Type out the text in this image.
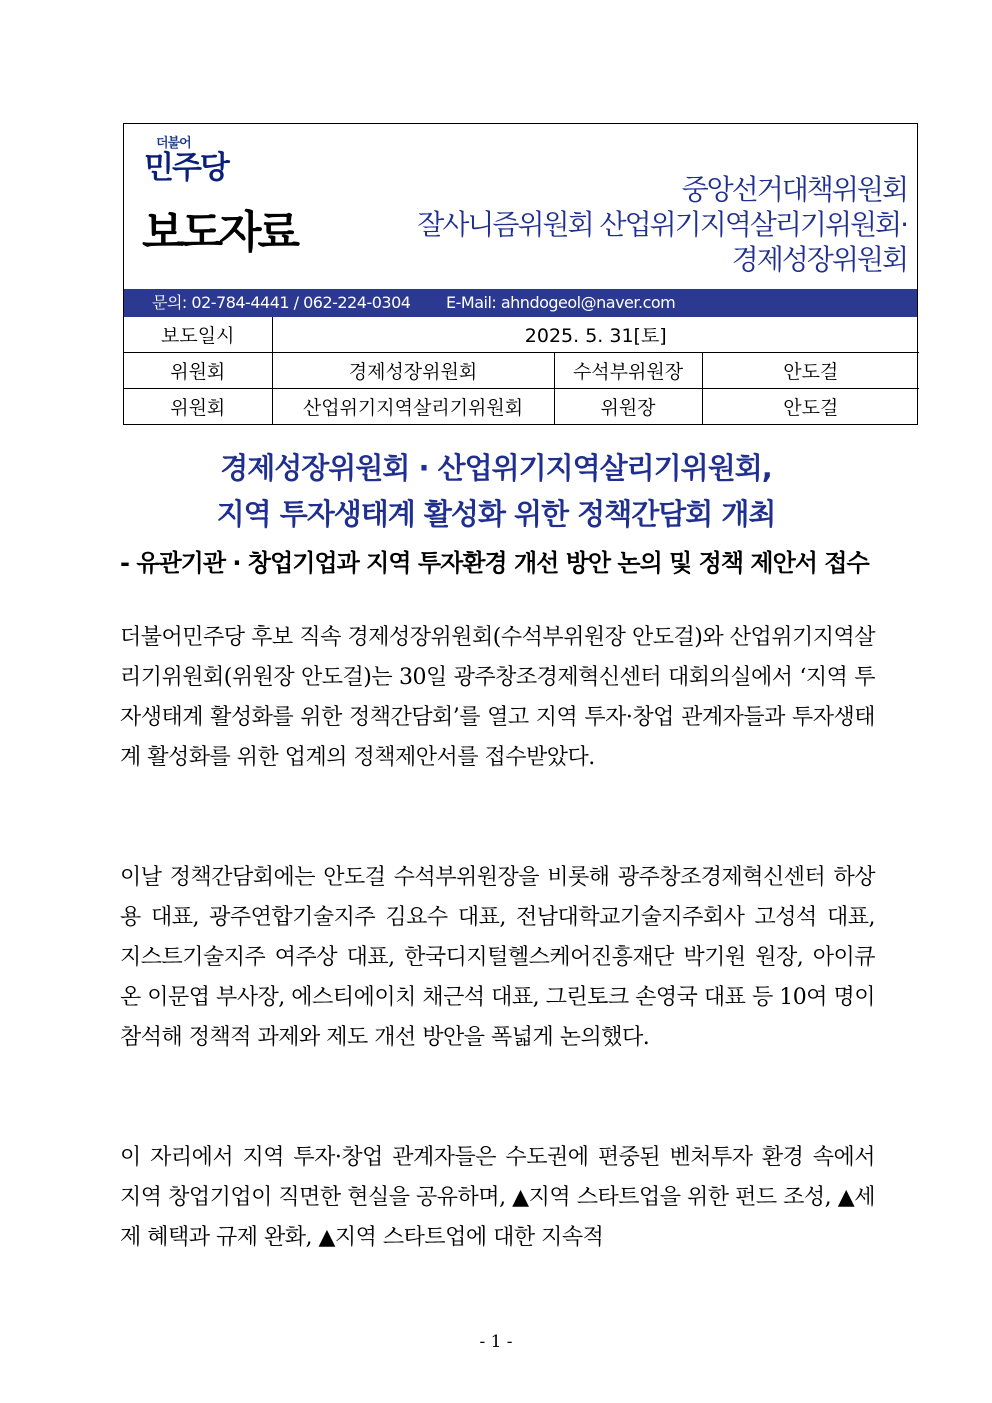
더불어
민주당
보도자료
중앙선거대책위원회
잘사니즘위원회 산업위기지역살리기위원회·
경제성장위원회
문의: 02-784-4441 / 062-224-0304 E-Mail: ahndogeol@naver.com
보도일시	2025. 5. 31[토]		
위원회	경제성장위원회	수석부위원장	안도걸
위원회	산업위기지역살리기위원회	위원장	안도걸
경제성장위원회 · 산업위기지역살리기위원회,
지역 투자생태계 활성화 위한 정책간담회 개최
- 유관기관 · 창업기업과 지역 투자환경 개선 방안 논의 및 정책 제안서 접수

더불어민주당 후보 직속 경제성장위원회(수석부위원장 안도걸)와 산업위기지역살리기위원회(위원장 안도걸)는 30일 광주창조경제혁신센터 대회의실에서 ‘지역 투자생태계 활성화를 위한 정책간담회’를 열고 지역 투자·창업 관계자들과 투자생태계 활성화를 위한 업계의 정책제안서를 접수받았다.

이날 정책간담회에는 안도걸 수석부위원장을 비롯해 광주창조경제혁신센터 하상용 대표, 광주연합기술지주 김요수 대표, 전남대학교기술지주회사 고성석 대표, 지스트기술지주 여주상 대표, 한국디지털헬스케어진흥재단 박기원 원장, 아이큐온 이문엽 부사장, 에스티에이치 채근석 대표, 그린토크 손영국 대표 등 10여 명이 참석해 정책적 과제와 제도 개선 방안을 폭넓게 논의했다.

이 자리에서 지역 투자·창업 관계자들은 수도권에 편중된 벤처투자 환경 속에서 지역 창업기업이 직면한 현실을 공유하며, ▲지역 스타트업을 위한 펀드 조성, ▲세제 혜택과 규제 완화, ▲지역 스타트업에 대한 지속적

- 1 -
